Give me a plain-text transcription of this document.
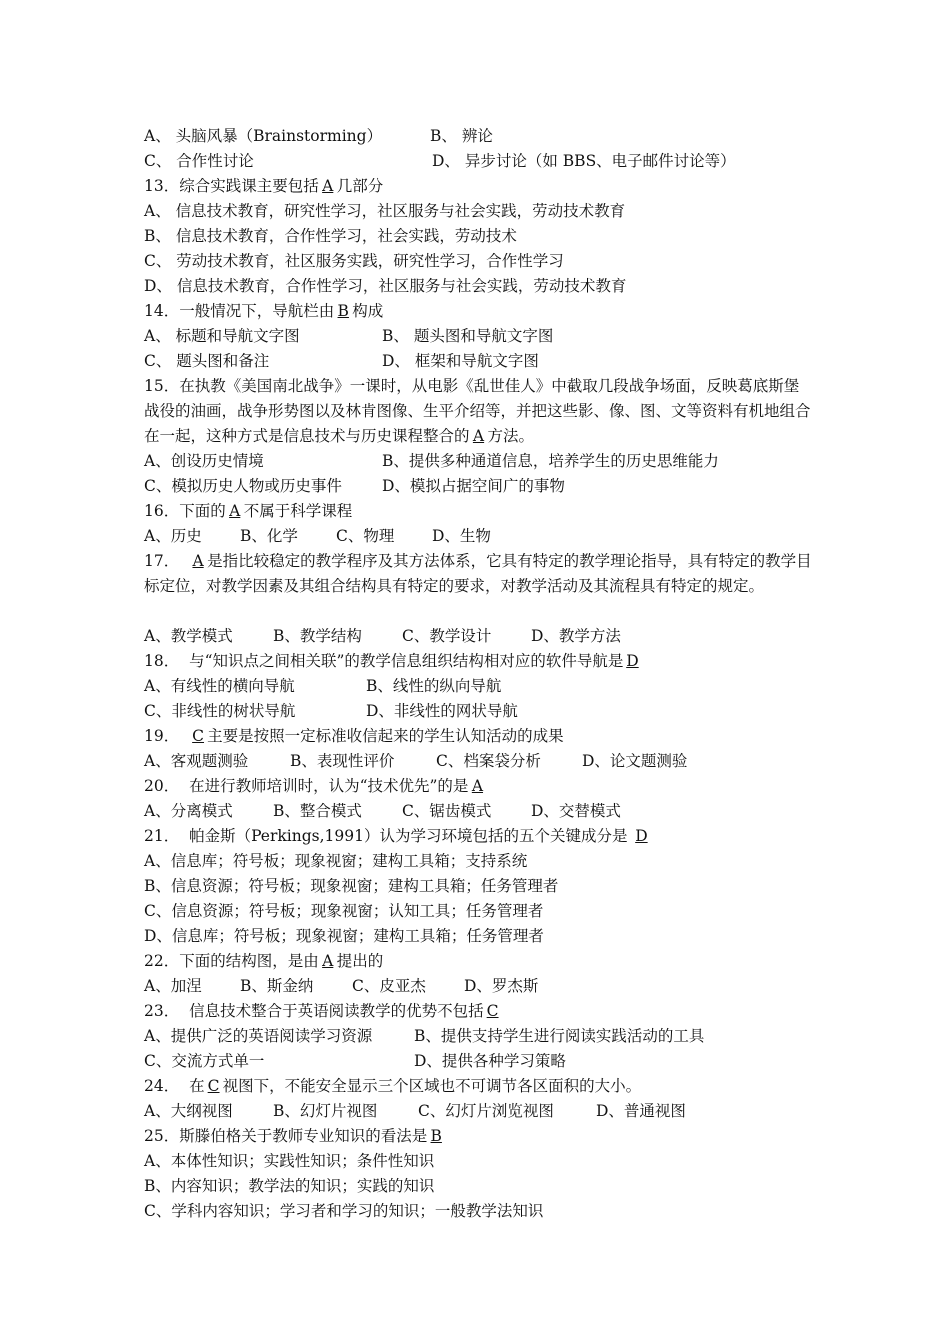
A、 头脑风暴（Brainstorming）	B、 辨论
C、 合作性讨论	D、 异步讨论（如 BBS、电子邮件讨论等）
13．综合实践课主要包括 A 几部分
A、 信息技术教育，研究性学习，社区服务与社会实践，劳动技术教育
B、 信息技术教育，合作性学习，社会实践，劳动技术
C、 劳动技术教育，社区服务实践，研究性学习，合作性学习
D、 信息技术教育，合作性学习，社区服务与社会实践，劳动技术教育
14．一般情况下，导航栏由 B 构成
A、 标题和导航文字图	B、 题头图和导航文字图
C、 题头图和备注	D、 框架和导航文字图
15．在执教《美国南北战争》一课时，从电影《乱世佳人》中截取几段战争场面，反映葛底斯堡战役的油画，战争形势图以及林肯图像、生平介绍等，并把这些影、像、图、文等资料有机地组合在一起，这种方式是信息技术与历史课程整合的 A 方法。
A、创设历史情境	B、提供多种通道信息，培养学生的历史思维能力
C、模拟历史人物或历史事件	D、模拟占据空间广的事物
16．下面的 A 不属于科学课程
A、历史 B、化学 C、物理 D、生物
17．  A 是指比较稳定的教学程序及其方法体系，它具有特定的教学理论指导，具有特定的教学目标定位，对教学因素及其组合结构具有特定的要求，对教学活动及其流程具有特定的规定。
A、教学模式	B、教学结构	C、教学设计	D、教学方法
18．  与“知识点之间相关联”的教学信息组织结构相对应的软件导航是 D
A、有线性的横向导航	B、线性的纵向导航
C、非线性的树状导航	D、非线性的网状导航
19．  C 主要是按照一定标准收信起来的学生认知活动的成果
A、客观题测验	B、表现性评价	C、档案袋分析	D、论文题测验
20．  在进行教师培训时，认为“技术优先”的是 A
A、分离模式	B、整合模式	C、锯齿模式	D、交替模式
21．  帕金斯（Perkings,1991）认为学习环境包括的五个关键成分是 D
A、信息库；符号板；现象视窗；建构工具箱；支持系统
B、信息资源；符号板；现象视窗；建构工具箱；任务管理者
C、信息资源；符号板；现象视窗；认知工具；任务管理者
D、信息库；符号板；现象视窗；建构工具箱；任务管理者
22．下面的结构图，是由 A 提出的
A、加涅 B、斯金纳 C、皮亚杰 D、罗杰斯
23．  信息技术整合于英语阅读教学的优势不包括 C
A、提供广泛的英语阅读学习资源	B、提供支持学生进行阅读实践活动的工具
C、交流方式单一	D、提供各种学习策略
24．  在 C 视图下，不能安全显示三个区域也不可调节各区面积的大小。
A、大纲视图	B、幻灯片视图	C、幻灯片浏览视图	D、普通视图
25．斯滕伯格关于教师专业知识的看法是 B
A、本体性知识；实践性知识；条件性知识
B、内容知识；教学法的知识；实践的知识
C、学科内容知识；学习者和学习的知识；一般教学法知识
